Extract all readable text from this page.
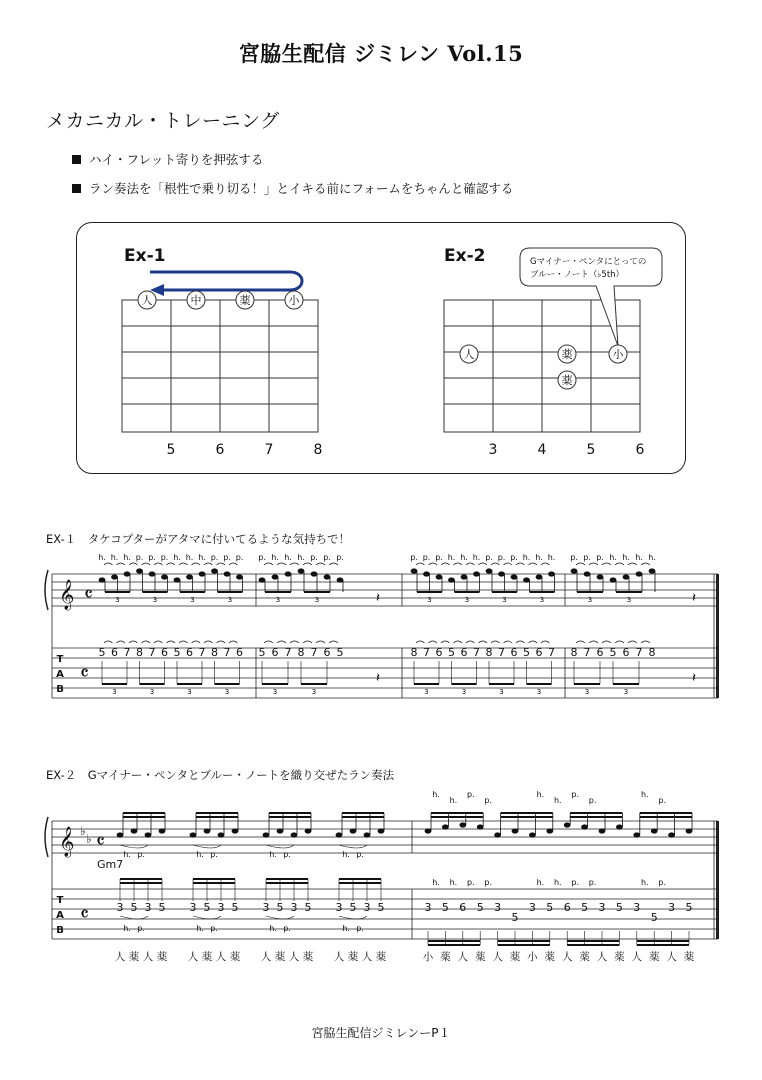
宮脇生配信 ジミレン Vol.15
メカニカル・トレーニング
ハイ・フレット寄りを押弦する
ラン奏法を「根性で乗り切る！」とイキる前にフォームをちゃんと確認する
Ex-1	Ex-2
人	中	薬	小
5	6	7	8
Gマイナー・ペンタにとっての
ブルー・ノート（♭5th）
人	薬
薬
小
3	4	5	6
EX-１　タケコプターがアタマに付いてるような気持ちで！
𝄞 𝄴
T
A
B
𝄴
h. h. h. p. p. p. h. h. h. p. p. p.
3	3	3	3
p. h. h. h. p. p. p.
3	3
p. p. p. h. h. h. p. p. p. h. h. h.
3	3	3	3
p. p. p. h. h. h. h.
3	3
5 6 7 8 7 6 5 6 7 8 7 6
3	3	3	3
5 6 7 8 7 6 5
3	3
8 7 6 5 6 7 8 7 6 5 6 7
3	3	3	3
8 7 6 5 6 7 8
3	3
𝄽	𝄽
𝄽	𝄽
EX-２　Gマイナー・ペンタとブルー・ノートを織り交ぜたラン奏法
𝄞 ♭
♭ 𝄴
Gm7
T
A
B
𝄴
h. p.	h. p.	h. p.	h. p.
h.
h.
p.
p.
h.
h.
p.
p.
h.
p.
3 5 3 5
h. p.
3 5 3 5
h. p.
3 5 3 5
h. p.
3 5 3 5
h. p.
3 5 6 5 3
5
3 5 6 5 3 5 3
5
3 5
h. h. p. p.	h. h. p. p.	h. p.
人 薬 人 薬 人 薬 人 薬 人 薬 人 薬 人 薬 人 薬	小 薬 人 薬 人 薬 小 薬 人 薬 人 薬 人 薬 人 薬
宮脇生配信ジミレンーP１
